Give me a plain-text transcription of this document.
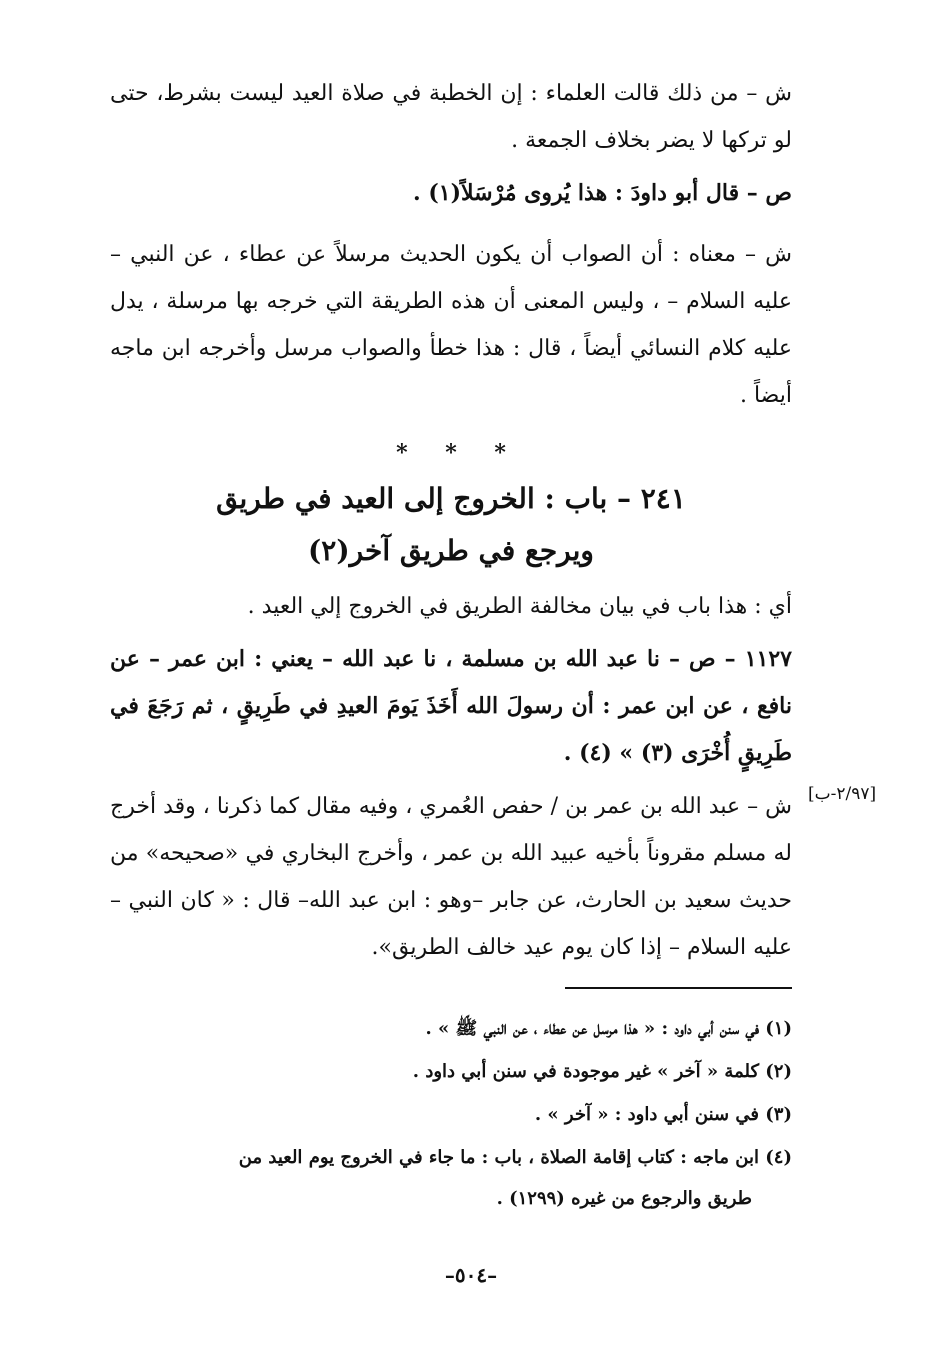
ش – من ذلك قالت العلماء : إن الخطبة في صلاة العيد ليست بشرط، حتى لو تركها لا يضر بخلاف الجمعة .

ص – قال أبو داودَ : هذا يُروى مُرْسَلاً(١) .

ش – معناه : أن الصواب أن يكون الحديث مرسلاً عن عطاء ، عن النبي – عليه السلام – ، وليس المعنى أن هذه الطريقة التي خرجه بها مرسلة ، يدل عليه كلام النسائي أيضاً ، قال : هذا خطأ والصواب مرسل وأخرجه ابن ماجه أيضاً .

* * *

٢٤١ – باب : الخروج إلى العيد في طريق

ويرجع في طريق آخر(٢)

أي : هذا باب في بيان مخالفة الطريق في الخروج إلي العيد .

١١٢٧ – ص – نا عبد الله بن مسلمة ، نا عبد الله – يعني : ابن عمر – عن نافع ، عن ابن عمر : أن رسولَ الله أَخَذَ يَومَ العيدِ في طَرِيقٍ ، ثم رَجَعَ في طَرِيقٍ أُخْرَى (٣) » (٤) .

ش – عبد الله بن عمر بن / حفص العُمري ، وفيه مقال كما ذكرنا ، وقد أخرج له مسلم مقروناً بأخيه عبيد الله بن عمر ، وأخرج البخاري في «صحيحه» من حديث سعيد بن الحارث، عن جابر –وهو : ابن عبد الله– قال : « كان النبي – عليه السلام – إذا كان يوم عيد خالف الطريق».

[٢/٩٧-ب]

(١) في سنن أبي داود : « هذا مرسل عن عطاء ، عن النبي ﷺ » .

(٢) كلمة « آخر » غير موجودة في سنن أبي داود .

(٣) في سنن أبي داود : « آخر » .

(٤) ابن ماجه : كتاب إقامة الصلاة ، باب : ما جاء في الخروج يوم العيد من

طريق والرجوع من غيره (١٢٩٩) .

–٥٠٤–
